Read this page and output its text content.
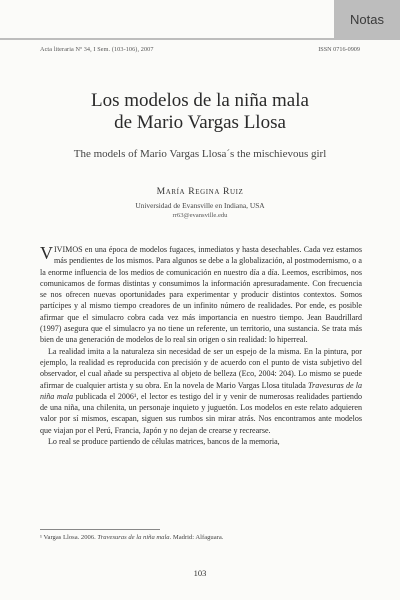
Notas
Acta literaria Nº 34, I Sem. (103-106), 2007	ISSN 0716-0909
Los modelos de la niña mala
de Mario Vargas Llosa
The models of Mario Vargas Llosa´s the mischievous girl
María Regina Ruiz
Universidad de Evansville en Indiana, USA
rr63@evansville.edu

VIVIMOS en una época de modelos fugaces, inmediatos y hasta desechables. Cada vez estamos más pendientes de los mismos. Para algunos se debe a la globalización, al postmodernismo, o a la enorme influencia de los medios de comunicación en nuestro día a día. Leemos, escribimos, nos comunicamos de formas distintas y consumimos la información apresuradamente. Con frecuencia se nos ofrecen nuevas oportunidades para experimentar y producir distintos contextos. Somos partícipes y al mismo tiempo creadores de un infinito número de realidades. Por ende, es posible afirmar que el simulacro cobra cada vez más importancia en nuestro tiempo. Jean Baudrillard (1997) asegura que el simulacro ya no tiene un referente, un territorio, una sustancia. Se trata más bien de una generación de modelos de lo real sin origen o sin realidad: lo hiperreal.

La realidad imita a la naturaleza sin necesidad de ser un espejo de la misma. En la pintura, por ejemplo, la realidad es reproducida con precisión y de acuerdo con el punto de vista subjetivo del observador, el cual añade su perspectiva al objeto de belleza (Eco, 2004: 204). Lo mismo se puede afirmar de cualquier artista y su obra. En la novela de Mario Vargas Llosa titulada Travesuras de la niña mala publicada el 2006¹, el lector es testigo del ir y venir de numerosas realidades partiendo de una niña, una chilenita, un personaje inquieto y juguetón. Los modelos en este relato adquieren valor por sí mismos, escapan, siguen sus rumbos sin mirar atrás. Nos encontramos ante modelos que viajan por el Perú, Francia, Japón y no dejan de crearse y recrearse.

Lo real se produce partiendo de células matrices, bancos de la memoria,

¹ Vargas Llosa. 2006. Travesuras de la niña mala. Madrid: Alfaguara.
103
